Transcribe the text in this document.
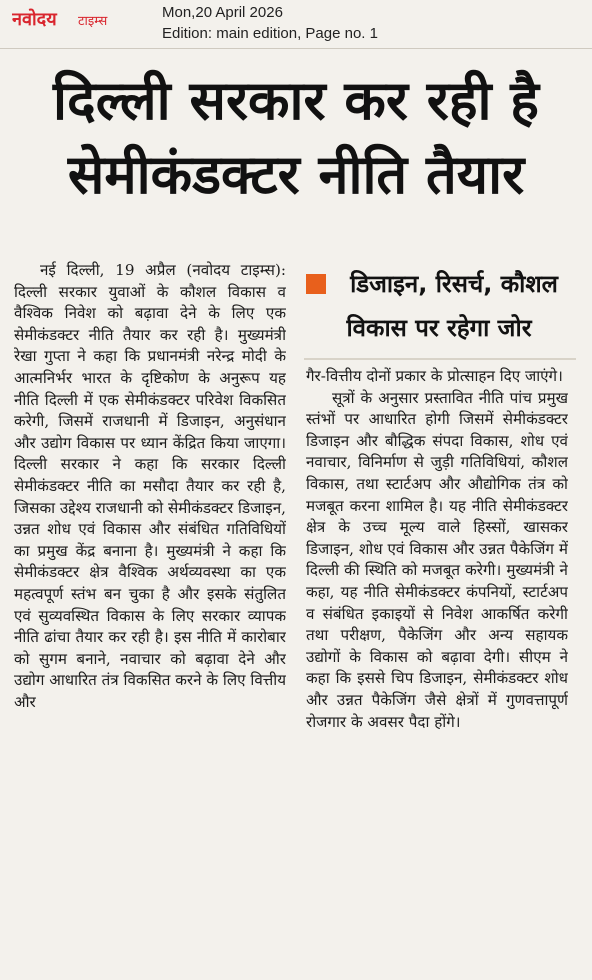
नवोदय टाइम्स
Mon,20 April 2026
Edition: main edition, Page no. 1
दिल्ली सरकार कर रही है
सेमीकंडक्टर नीति तैयार

नई दिल्ली, 19 अप्रैल (नवोदय टाइम्स): दिल्ली सरकार युवाओं के कौशल विकास व वैश्विक निवेश को बढ़ावा देने के लिए एक सेमीकंडक्टर नीति तैयार कर रही है। मुख्यमंत्री रेखा गुप्ता ने कहा कि प्रधानमंत्री नरेन्द्र मोदी के आत्मनिर्भर भारत के दृष्टिकोण के अनुरूप यह नीति दिल्ली में एक सेमीकंडक्टर परिवेश विकसित करेगी, जिसमें राजधानी में डिजाइन, अनुसंधान और उद्योग विकास पर ध्यान केंद्रित किया जाएगा। दिल्ली सरकार ने कहा कि सरकार दिल्ली सेमीकंडक्टर नीति का मसौदा तैयार कर रही है, जिसका उद्देश्य राजधानी को सेमीकंडक्टर डिजाइन, उन्नत शोध एवं विकास और संबंधित गतिविधियों का प्रमुख केंद्र बनाना है। मुख्यमंत्री ने कहा कि सेमीकंडक्टर क्षेत्र वैश्विक अर्थव्यवस्था का एक महत्वपूर्ण स्तंभ बन चुका है और इसके संतुलित एवं सुव्यवस्थित विकास के लिए सरकार व्यापक नीति ढांचा तैयार कर रही है। इस नीति में कारोबार को सुगम बनाने, नवाचार को बढ़ावा देने और उद्योग आधारित तंत्र विकसित करने के लिए वित्तीय और

डिजाइन, रिसर्च, कौशल
विकास पर रहेगा जोर

गैर-वित्तीय दोनों प्रकार के प्रोत्साहन दिए जाएंगे।

सूत्रों के अनुसार प्रस्तावित नीति पांच प्रमुख स्तंभों पर आधारित होगी जिसमें सेमीकंडक्टर डिजाइन और बौद्धिक संपदा विकास, शोध एवं नवाचार, विनिर्माण से जुड़ी गतिविधियां, कौशल विकास, तथा स्टार्टअप और औद्योगिक तंत्र को मजबूत करना शामिल है। यह नीति सेमीकंडक्टर क्षेत्र के उच्च मूल्य वाले हिस्सों, खासकर डिजाइन, शोध एवं विकास और उन्नत पैकेजिंग में दिल्ली की स्थिति को मजबूत करेगी। मुख्यमंत्री ने कहा, यह नीति सेमीकंडक्टर कंपनियों, स्टार्टअप व संबंधित इकाइयों से निवेश आकर्षित करेगी तथा परीक्षण, पैकेजिंग और अन्य सहायक उद्योगों के विकास को बढ़ावा देगी। सीएम ने कहा कि इससे चिप डिजाइन, सेमीकंडक्टर शोध और उन्नत पैकेजिंग जैसे क्षेत्रों में गुणवत्तापूर्ण रोजगार के अवसर पैदा होंगे।
